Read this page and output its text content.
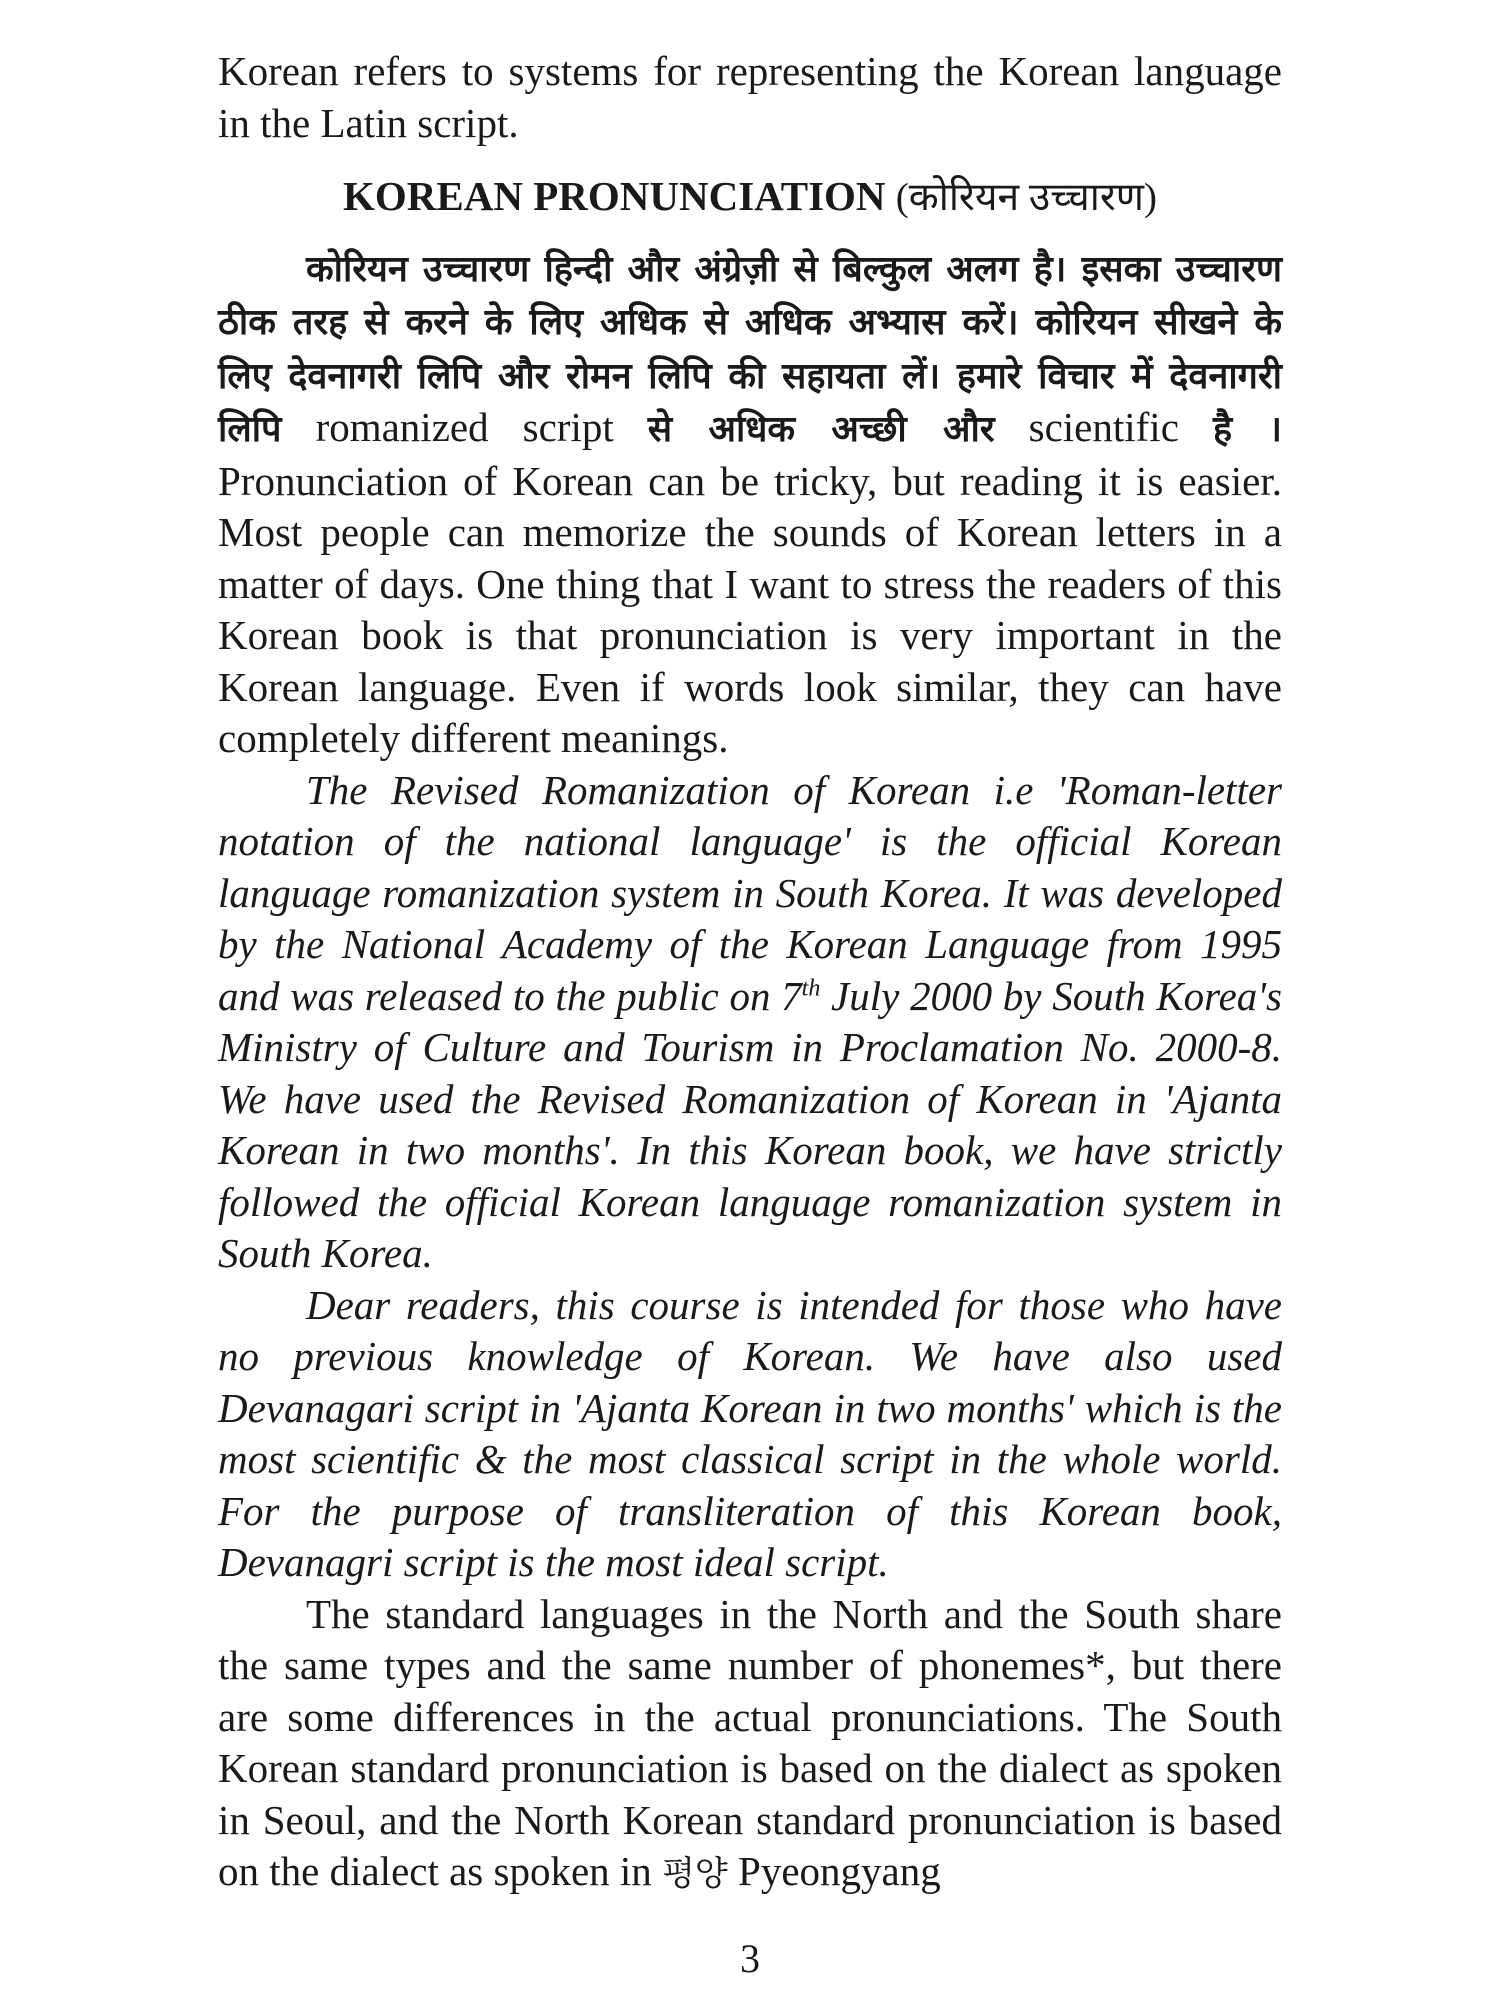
Korean refers to systems for representing the Korean language in the Latin script.

KOREAN PRONUNCIATION (कोरियन उच्चारण)

कोरियन उच्चारण हिन्दी और अंग्रेज़ी से बिल्कुल अलग है। इसका उच्चारण ठीक तरह से करने के लिए अधिक से अधिक अभ्यास करें। कोरियन सीखने के लिए देवनागरी लिपि और रोमन लिपि की सहायता लें। हमारे विचार में देवनागरी लिपि romanized script से अधिक अच्छी और scientific है । Pronunciation of Korean can be tricky, but reading it is easier. Most people can memorize the sounds of Korean letters in a matter of days. One thing that I want to stress the readers of this Korean book is that pronunciation is very important in the Korean language. Even if words look similar, they can have completely different meanings.

The Revised Romanization of Korean i.e 'Roman-letter notation of the national language' is the official Korean language romanization system in South Korea. It was developed by the National Academy of the Korean Language from 1995 and was released to the public on 7th July 2000 by South Korea's Ministry of Culture and Tourism in Proclamation No. 2000-8. We have used the Revised Romanization of Korean in 'Ajanta Korean in two months'. In this Korean book, we have strictly followed the official Korean language romanization system in South Korea.

Dear readers, this course is intended for those who have no previous knowledge of Korean. We have also used Devanagari script in 'Ajanta Korean in two months' which is the most scientific & the most classical script in the whole world. For the purpose of transliteration of this Korean book, Devanagri script is the most ideal script.

The standard languages in the North and the South share the same types and the same number of phonemes*, but there are some differences in the actual pronunciations. The South Korean standard pronunciation is based on the dialect as spoken in Seoul, and the North Korean standard pronunciation is based on the dialect as spoken in 평양 Pyeongyang

3
